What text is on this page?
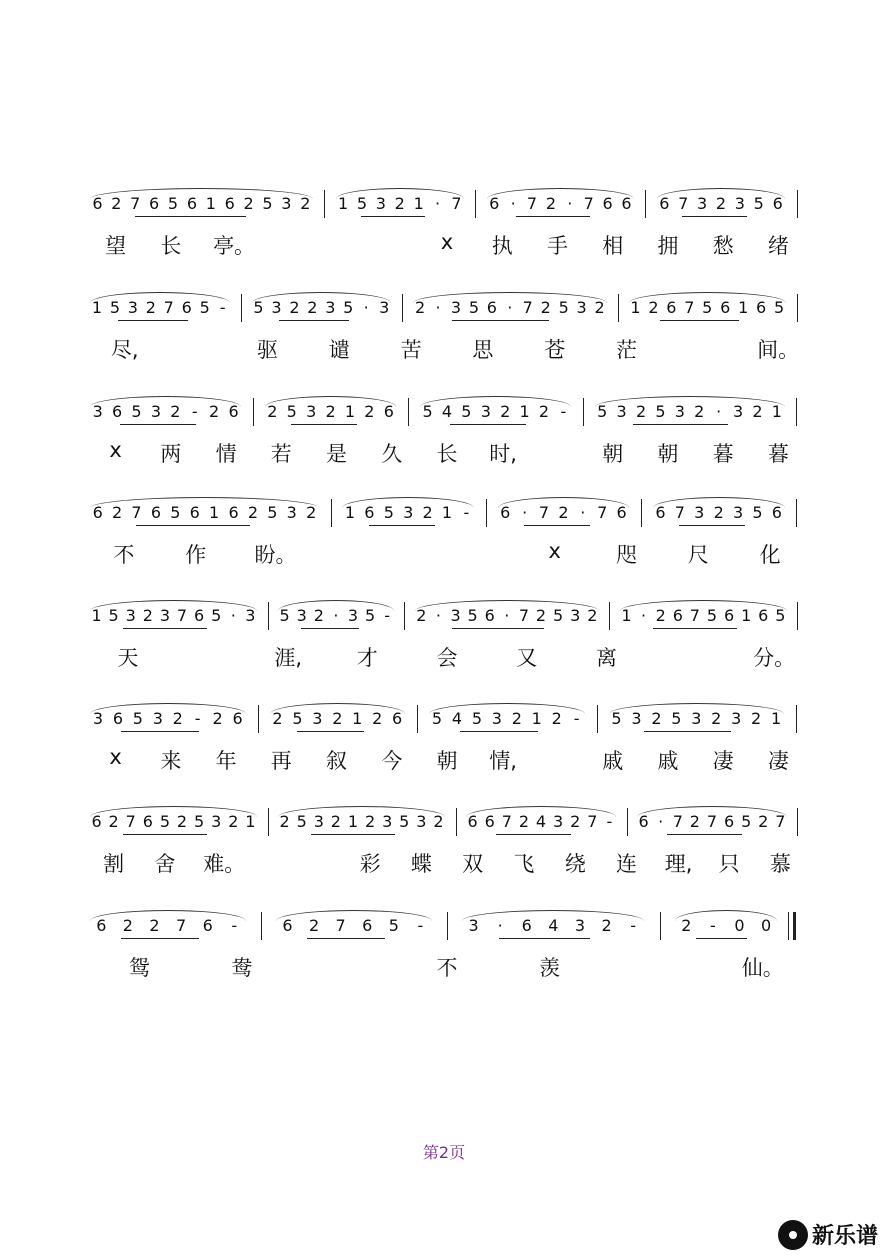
6 2 7 6 5 6 1 6 2 5 3 2	1 5 3 2 1 · 7	6 · 7 2 · 7 6 6	6 7 3 2 3 5 6
望 长 亭。	x	执 手 相 拥 愁 绪
1 5 3 2 7 6 5 -	5 3 2 2 3 5 · 3	2 · 3 5 6 · 7 2 5 3 2	1 2 6 7 5 6 1 6 5
尽,	驱 谴 苦 思 苍 茫	间。
3 6 5 3 2 - 2 6	2 5 3 2 1 2 6	5 4 5 3 2 1 2 -	5 3 2 5 3 2 · 3 2 1
x	两 情 若 是 久 长 时,	朝 朝 暮 暮
6 2 7 6 5 6 1 6 2 5 3 2	1 6 5 3 2 1 -	6 · 7 2 · 7 6	6 7 3 2 3 5 6
不 作 盼。	x	咫 尺 化
1 5 3 2 3 7 6 5 · 3	5 3 2 · 3 5 -	2 · 3 5 6 · 7 2 5 3 2	1 · 2 6 7 5 6 1 6 5
天	涯,	才	会	又	离	分。
3 6 5 3 2 - 2 6	2 5 3 2 1 2 6	5 4 5 3 2 1 2 -	5 3 2 5 3 2 3 2 1
x	来 年 再 叙 今 朝 情,	戚 戚 凄 凄
6 2 7 6 5 2 5 3 2 1	2 5 3 2 1 2 3 5 3 2	6 6 7 2 4 3 2 7 -	6 · 7 2 7 6 5 2 7
割 舍 难。	彩 蝶 双 飞 绕 连 理, 只 慕
6	2	2	7	6	-	6	2	7	6	5	-	3	·	6	4	3	2	-	2	-	0	0
鸳	鸯	不	羡	仙。
第2页
新乐谱
